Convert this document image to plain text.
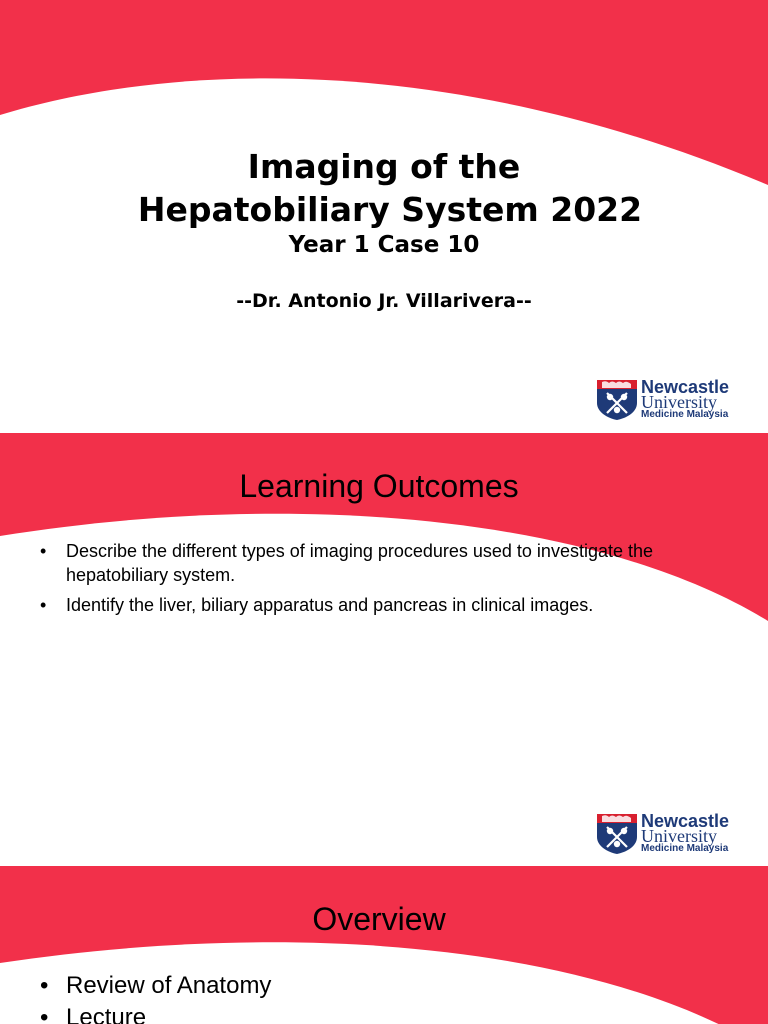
Imaging of the
Hepatobiliary System 2022
Year 1 Case 10
--Dr. Antonio Jr. Villarivera--
Newcastle
University
Medicine Malaysia
Learning Outcomes
• Describe the different types of imaging procedures used to investigate the hepatobiliary system.
• Identify the liver, biliary apparatus and pancreas in clinical images.
Newcastle
University
Medicine Malaysia
Overview
• Review of Anatomy
• Lecture
